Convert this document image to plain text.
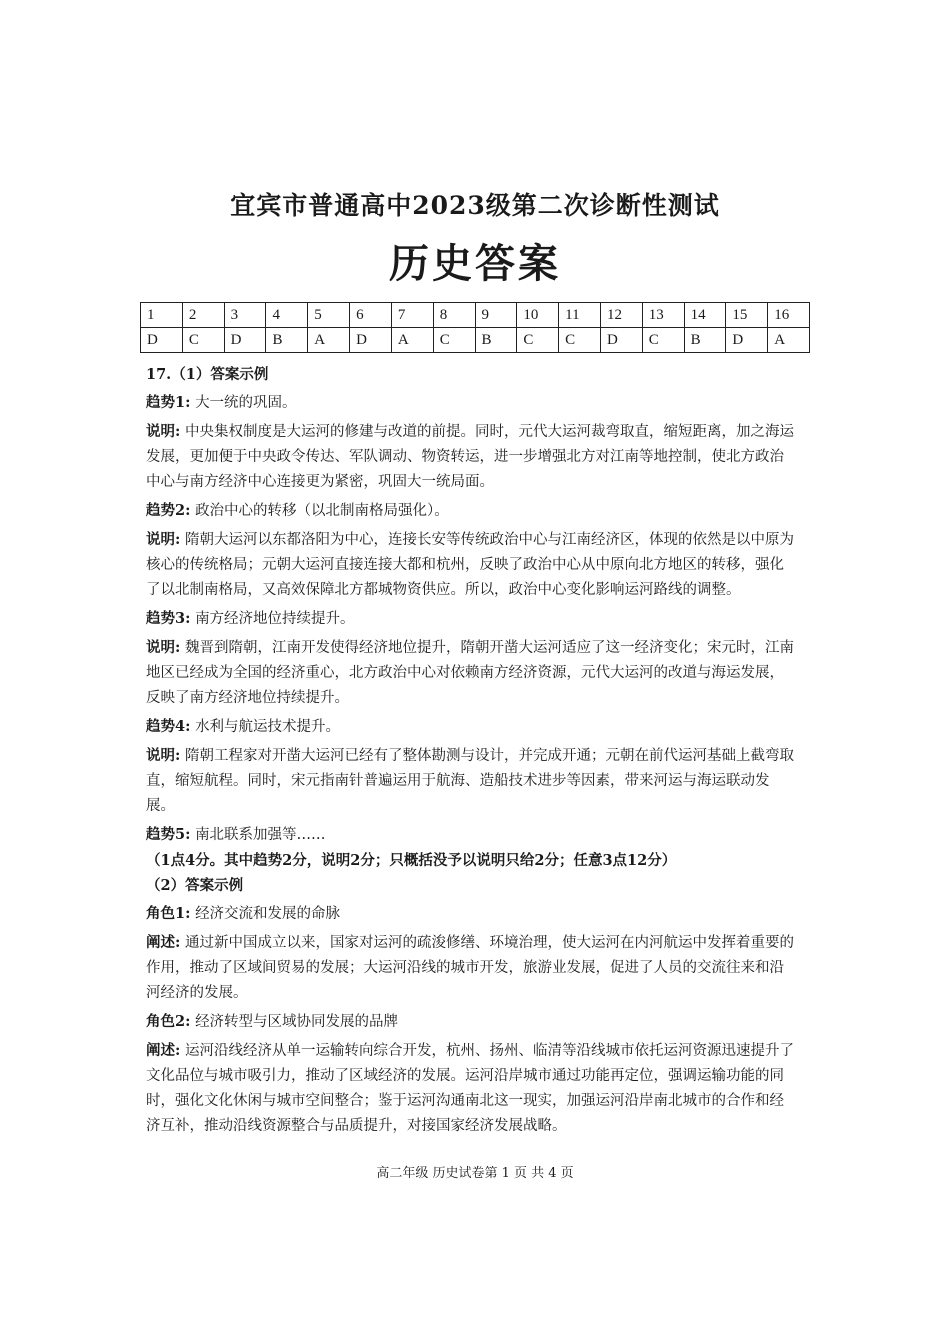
宜宾市普通高中2023级第二次诊断性测试
历史答案
1	2	3	4	5	6	7	8	9	10	11	12	13	14	15	16
D	C	D	B	A	D	A	C	B	C	C	D	C	B	D	A

17.（1）答案示例

趋势1: 大一统的巩固。

说明: 中央集权制度是大运河的修建与改道的前提。同时，元代大运河裁弯取直，缩短距离，加之海运发展，更加便于中央政令传达、军队调动、物资转运，进一步增强北方对江南等地控制，使北方政治中心与南方经济中心连接更为紧密，巩固大一统局面。

趋势2: 政治中心的转移（以北制南格局强化）。

说明: 隋朝大运河以东都洛阳为中心，连接长安等传统政治中心与江南经济区，体现的依然是以中原为核心的传统格局；元朝大运河直接连接大都和杭州，反映了政治中心从中原向北方地区的转移，强化了以北制南格局，又高效保障北方都城物资供应。所以，政治中心变化影响运河路线的调整。

趋势3: 南方经济地位持续提升。

说明: 魏晋到隋朝，江南开发使得经济地位提升，隋朝开凿大运河适应了这一经济变化；宋元时，江南地区已经成为全国的经济重心，北方政治中心对依赖南方经济资源，元代大运河的改道与海运发展，反映了南方经济地位持续提升。

趋势4: 水利与航运技术提升。

说明: 隋朝工程家对开凿大运河已经有了整体勘测与设计，并完成开通；元朝在前代运河基础上截弯取直，缩短航程。同时，宋元指南针普遍运用于航海、造船技术进步等因素，带来河运与海运联动发展。

趋势5: 南北联系加强等……

（1点4分。其中趋势2分，说明2分；只概括没予以说明只给2分；任意3点12分）

（2）答案示例

角色1: 经济交流和发展的命脉

阐述: 通过新中国成立以来，国家对运河的疏浚修缮、环境治理，使大运河在内河航运中发挥着重要的作用，推动了区域间贸易的发展；大运河沿线的城市开发，旅游业发展，促进了人员的交流往来和沿河经济的发展。

角色2: 经济转型与区域协同发展的品牌

阐述: 运河沿线经济从单一运输转向综合开发，杭州、扬州、临清等沿线城市依托运河资源迅速提升了文化品位与城市吸引力，推动了区域经济的发展。运河沿岸城市通过功能再定位，强调运输功能的同时，强化文化休闲与城市空间整合；鉴于运河沟通南北这一现实，加强运河沿岸南北城市的合作和经济互补，推动沿线资源整合与品质提升，对接国家经济发展战略。

高二年级 历史试卷第 1 页 共 4 页
